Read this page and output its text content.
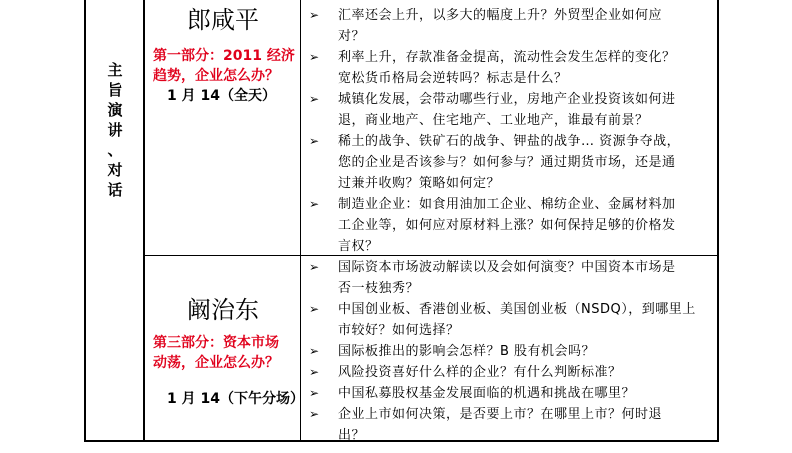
主
旨
演
讲
、
对
话
郎咸平
第一部分：2011 经济
趋势，企业怎么办？
1 月 14（全天）
➢ 汇率还会上升，以多大的幅度上升？外贸型企业如何应
对？
➢ 利率上升，存款准备金提高，流动性会发生怎样的变化？
宽松货币格局会逆转吗？标志是什么？
➢ 城镇化发展，会带动哪些行业，房地产企业投资该如何进
退，商业地产、住宅地产、工业地产，谁最有前景？
➢ 稀土的战争、铁矿石的战争、钾盐的战争… 资源争夺战，
您的企业是否该参与？如何参与？通过期货市场，还是通
过兼并收购？策略如何定？
➢ 制造业企业：如食用油加工企业、棉纺企业、金属材料加
工企业等，如何应对原材料上涨？如何保持足够的价格发
言权？
阚治东
第三部分：资本市场
动荡，企业怎么办？
1 月 14（下午分场）
➢ 国际资本市场波动解读以及会如何演变？中国资本市场是
否一枝独秀？
➢ 中国创业板、香港创业板、美国创业板（NSDQ），到哪里上
市较好？如何选择？
➢ 国际板推出的影响会怎样？B 股有机会吗？
➢ 风险投资喜好什么样的企业？有什么判断标准？
➢ 中国私募股权基金发展面临的机遇和挑战在哪里？
➢ 企业上市如何决策，是否要上市？在哪里上市？何时退
出？
